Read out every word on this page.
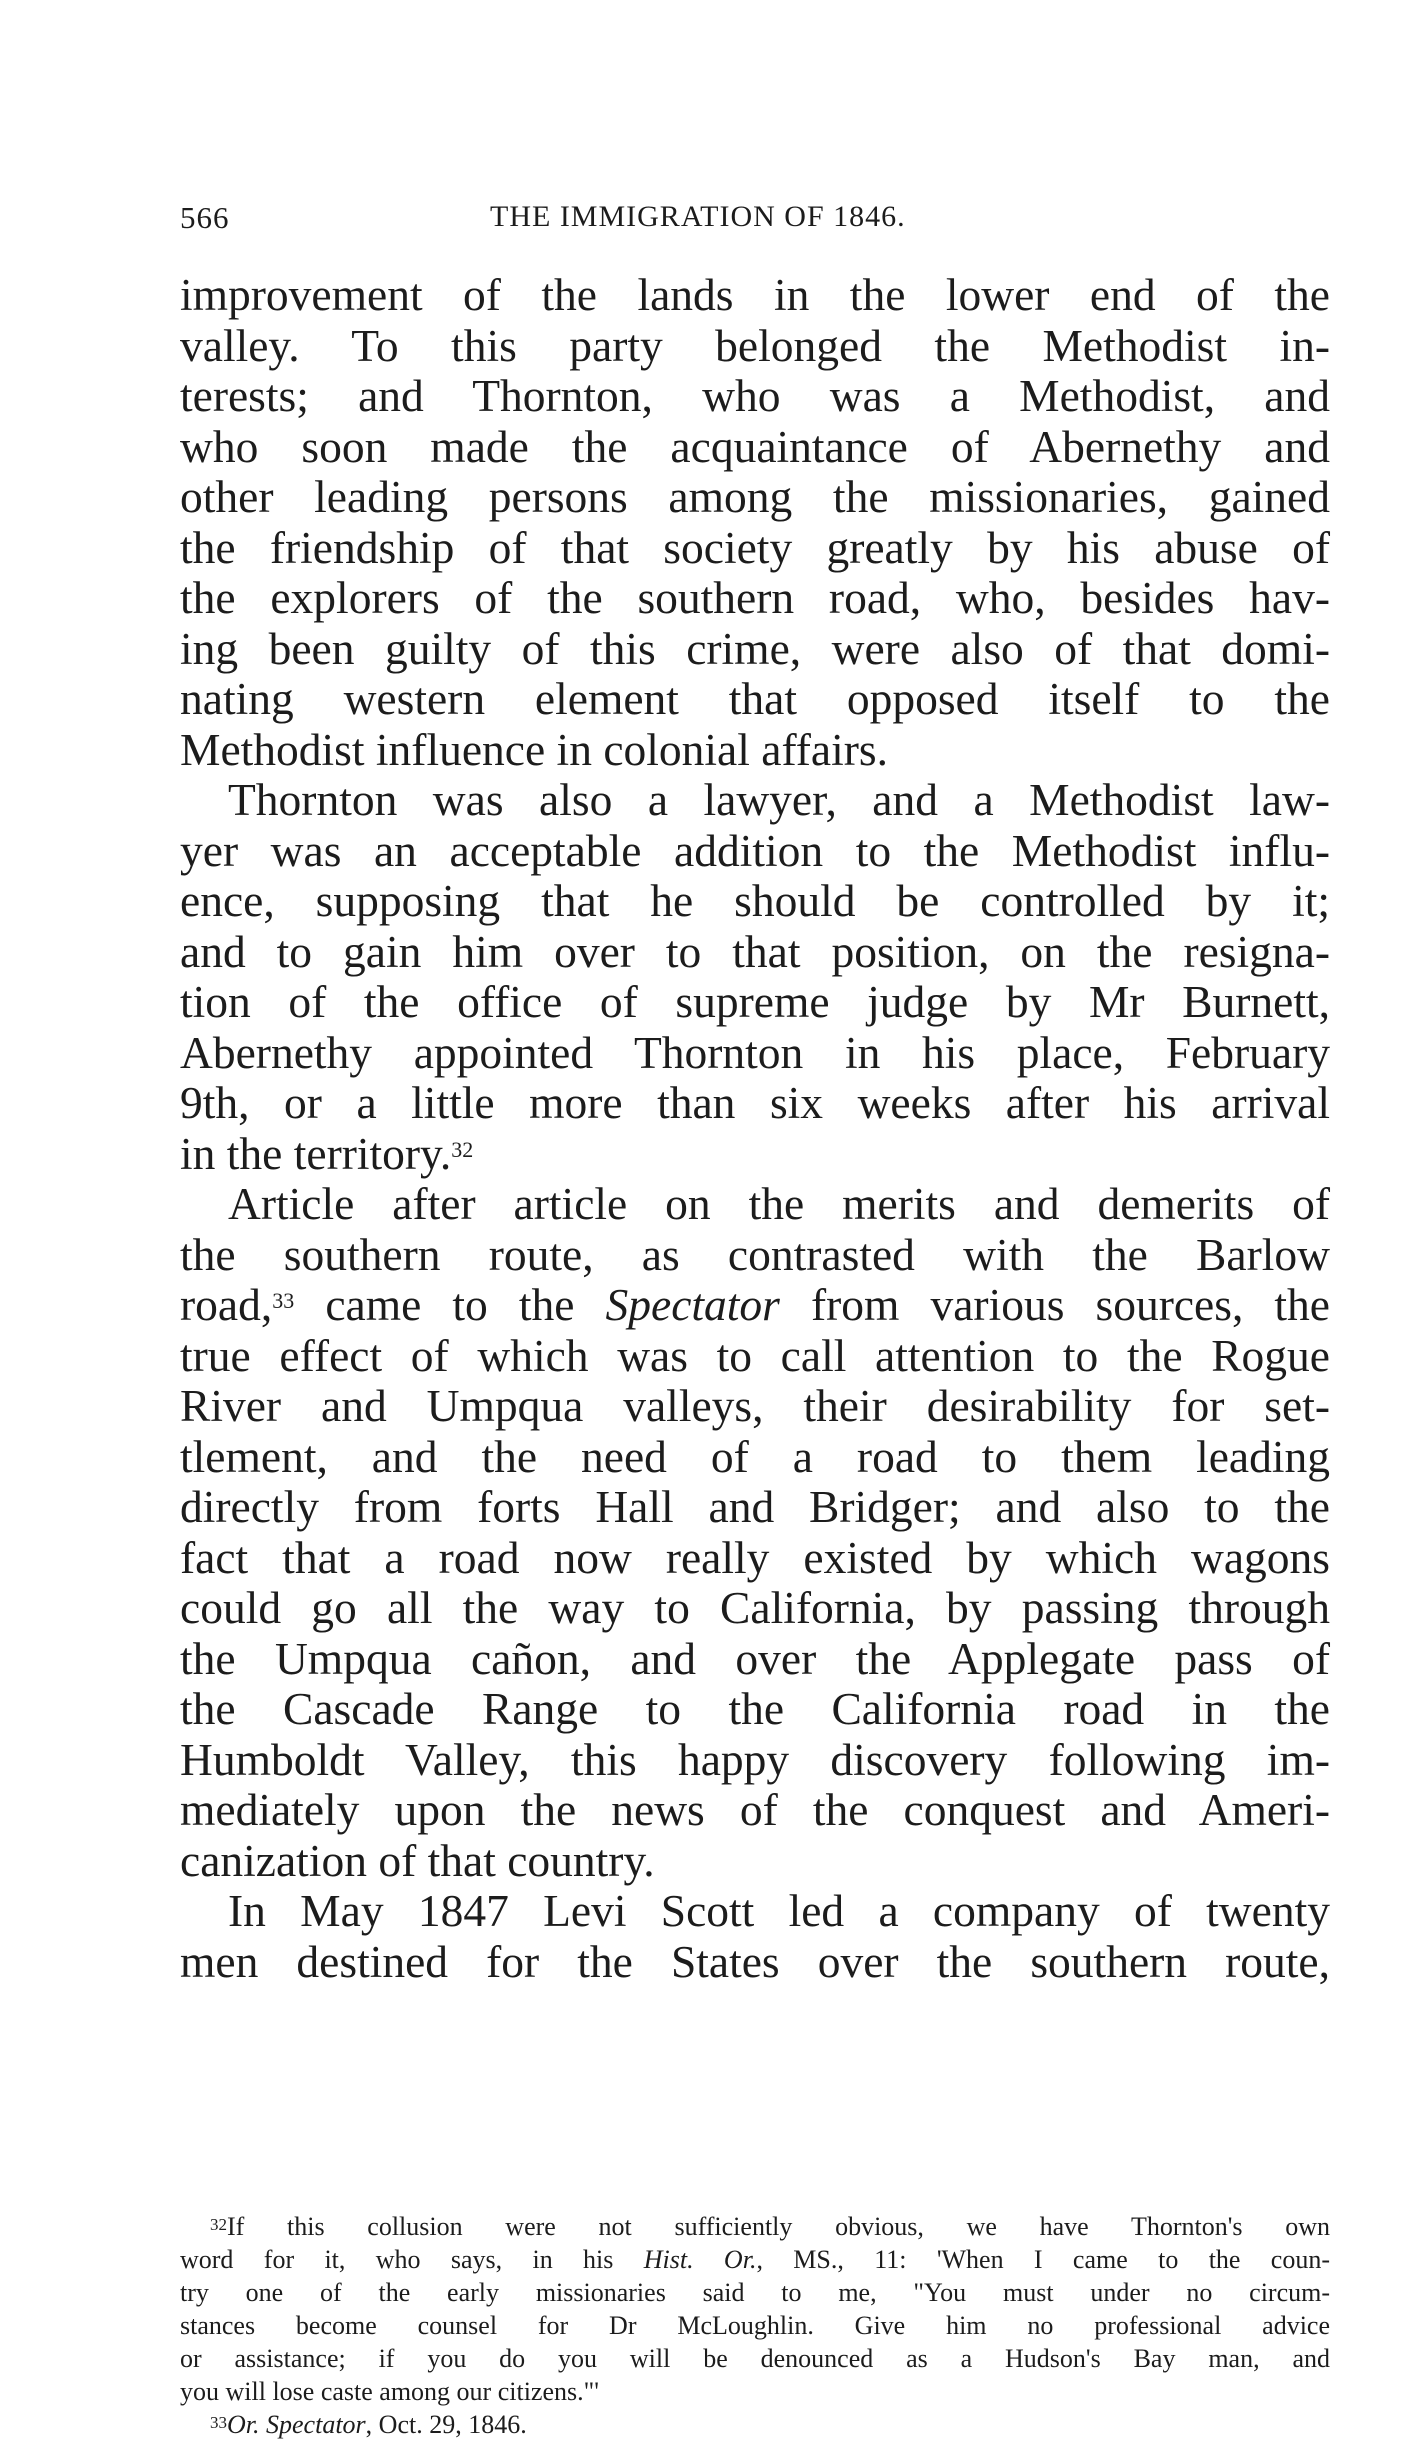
566	THE IMMIGRATION OF 1846.
improvement of the lands in the lower end of the
valley. To this party belonged the Methodist in-
terests; and Thornton, who was a Methodist, and
who soon made the acquaintance of Abernethy and
other leading persons among the missionaries, gained
the friendship of that society greatly by his abuse of
the explorers of the southern road, who, besides hav-
ing been guilty of this crime, were also of that domi-
nating western element that opposed itself to the
Methodist influence in colonial affairs.
Thornton was also a lawyer, and a Methodist law-
yer was an acceptable addition to the Methodist influ-
ence, supposing that he should be controlled by it;
and to gain him over to that position, on the resigna-
tion of the office of supreme judge by Mr Burnett,
Abernethy appointed Thornton in his place, February
9th, or a little more than six weeks after his arrival
in the territory.$^{32}$
Article after article on the merits and demerits of
the southern route, as contrasted with the Barlow
road,$^{33}$ came to the Spectator from various sources, the
true effect of which was to call attention to the Rogue
River and Umpqua valleys, their desirability for set-
tlement, and the need of a road to them leading
directly from forts Hall and Bridger; and also to the
fact that a road now really existed by which wagons
could go all the way to California, by passing through
the Umpqua cañon, and over the Applegate pass of
the Cascade Range to the California road in the
Humboldt Valley, this happy discovery following im-
mediately upon the news of the conquest and Ameri-
canization of that country.
In May 1847 Levi Scott led a company of twenty
men destined for the States over the southern route,
$^{32}$If this collusion were not sufficiently obvious, we have Thornton's own
word for it, who says, in his Hist. Or., MS., 11: 'When I came to the coun-
try one of the early missionaries said to me, "You must under no circum-
stances become counsel for Dr McLoughlin. Give him no professional advice
or assistance; if you do you will be denounced as a Hudson's Bay man, and
you will lose caste among our citizens."'
$^{33}$Or. Spectator, Oct. 29, 1846.
